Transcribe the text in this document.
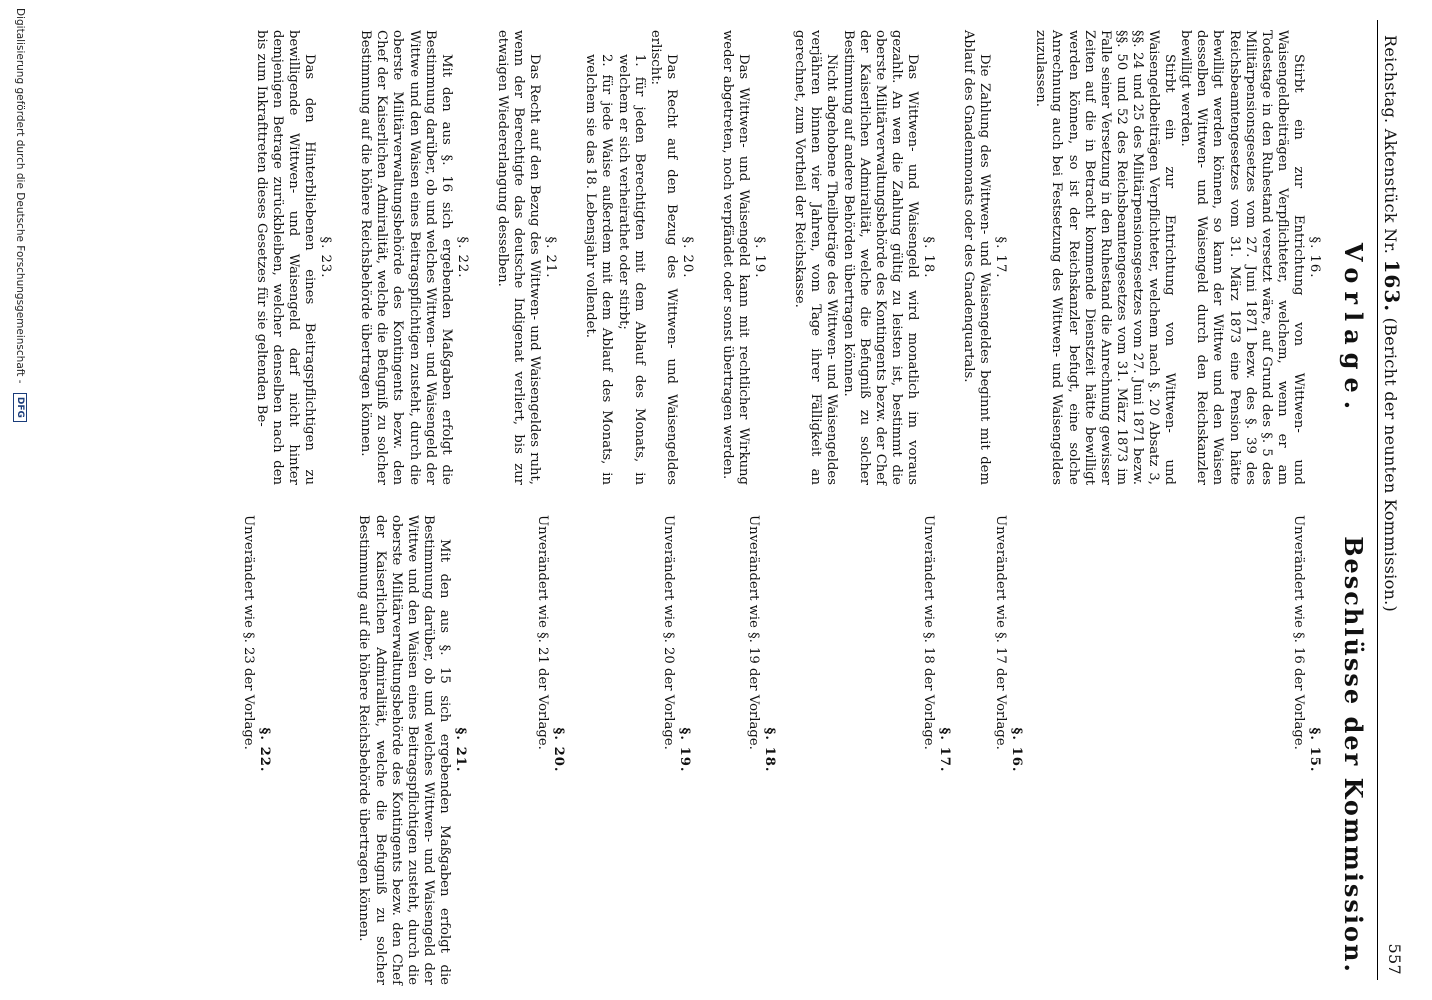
Reichstag. Aktenstück Nr. 163. (Bericht der neunten Kommission.)
557
Vorlage.
Beschlüsse der Kommission.

§. 16.

Stirbt ein zur Entrichtung von Wittwen- und Waisengeldbeiträgen Verpflichteter, welchem, wenn er am Todestage in den Ruhestand versetzt wäre, auf Grund des §. 5 des Militärpensionsgesetzes vom 27. Juni 1871 bezw. des §. 39 des Reichsbeamtengesetzes vom 31. März 1873 eine Pension hätte bewilligt werden können, so kann der Wittwe und den Waisen desselben Wittwen- und Waisengeld durch den Reichskanzler bewilligt werden.

Stirbt ein zur Entrichtung von Wittwen- und Waisengeldbeiträgen Verpflichteter, welchem nach §. 20 Absatz 3, §§. 24 und 25 des Militärpensionsgesetzes vom 27. Juni 1871 bezw. §§. 50 und 52 des Reichsbeamtengesetzes vom 31. März 1873 im Falle seiner Versetzung in den Ruhestand die Anrechnung gewisser Zeiten auf die in Betracht kommende Dienstzeit hätte bewilligt werden können, so ist der Reichskanzler befugt, eine solche Anrechnung auch bei Festsetzung des Wittwen- und Waisengeldes zuzulassen.

§. 17.

Die Zahlung des Wittwen- und Waisengeldes beginnt mit dem Ablauf des Gnadenmonats oder des Gnadenquartals.

§. 18.

Das Wittwen- und Waisengeld wird monatlich im voraus gezahlt. An wen die Zahlung gültig zu leisten ist, bestimmt die oberste Militärverwaltungsbehörde des Kontingents bezw. der Chef der Kaiserlichen Admiralität, welche die Befugniß zu solcher Bestimmung auf andere Behörden übertragen können.

Nicht abgehobene Theilbeträge des Wittwen- und Waisengeldes verjähren binnen vier Jahren, vom Tage ihrer Fälligkeit an gerechnet, zum Vortheil der Reichskasse.

§. 19.

Das Wittwen- und Waisengeld kann mit rechtlicher Wirkung weder abgetreten, noch verpfändet oder sonst übertragen werden.

§. 20.

Das Recht auf den Bezug des Wittwen- und Waisengeldes erlischt:

1. für jeden Berechtigten mit dem Ablauf des Monats, in welchem er sich verheirathet oder stirbt;

2. für jede Waise außerdem mit dem Ablauf des Monats, in welchem sie das 18. Lebensjahr vollendet.

§. 21.

Das Recht auf den Bezug des Wittwen- und Waisengeldes ruht, wenn der Berechtigte das deutsche Indigenat verliert, bis zur etwaigen Wiedererlangung desselben.

§. 22.

Mit den aus §. 16 sich ergebenden Maßgaben erfolgt die Bestimmung darüber, ob und welches Wittwen- und Waisengeld der Wittwe und den Waisen eines Beitragspflichtigen zusteht, durch die oberste Militärverwaltungsbehörde des Kontingents bezw. den Chef der Kaiserlichen Admiralität, welche die Befugniß zu solcher Bestimmung auf die höhere Reichsbehörde übertragen können.

§. 23.

Das den Hinterbliebenen eines Beitragspflichtigen zu bewilligende Wittwen- und Waisengeld darf nicht hinter demjenigen Betrage zurückbleiben, welcher denselben nach den bis zum Inkrafttreten dieses Gesetzes für sie geltenden Be-

§. 15.

Unverändert wie §. 16 der Vorlage.

§. 16.

Unverändert wie §. 17 der Vorlage.

§. 17.

Unverändert wie §. 18 der Vorlage.

§. 18.

Unverändert wie §. 19 der Vorlage.

§. 19.

Unverändert wie §. 20 der Vorlage.

§. 20.

Unverändert wie §. 21 der Vorlage.

§. 21.

Mit den aus §. 15 sich ergebenden Maßgaben erfolgt die Bestimmung darüber, ob und welches Wittwen- und Waisengeld der Wittwe und den Waisen eines Beitragspflichtigen zusteht, durch die oberste Militärverwaltungsbehörde des Kontingents bezw. den Chef der Kaiserlichen Admiralität, welche die Befugniß zu solcher Bestimmung auf die höhere Reichsbehörde übertragen können.

§. 22.

Unverändert wie §. 23 der Vorlage.

Digitalisierung gefördert durch die Deutsche Forschungsgemeinschaft - DFG
